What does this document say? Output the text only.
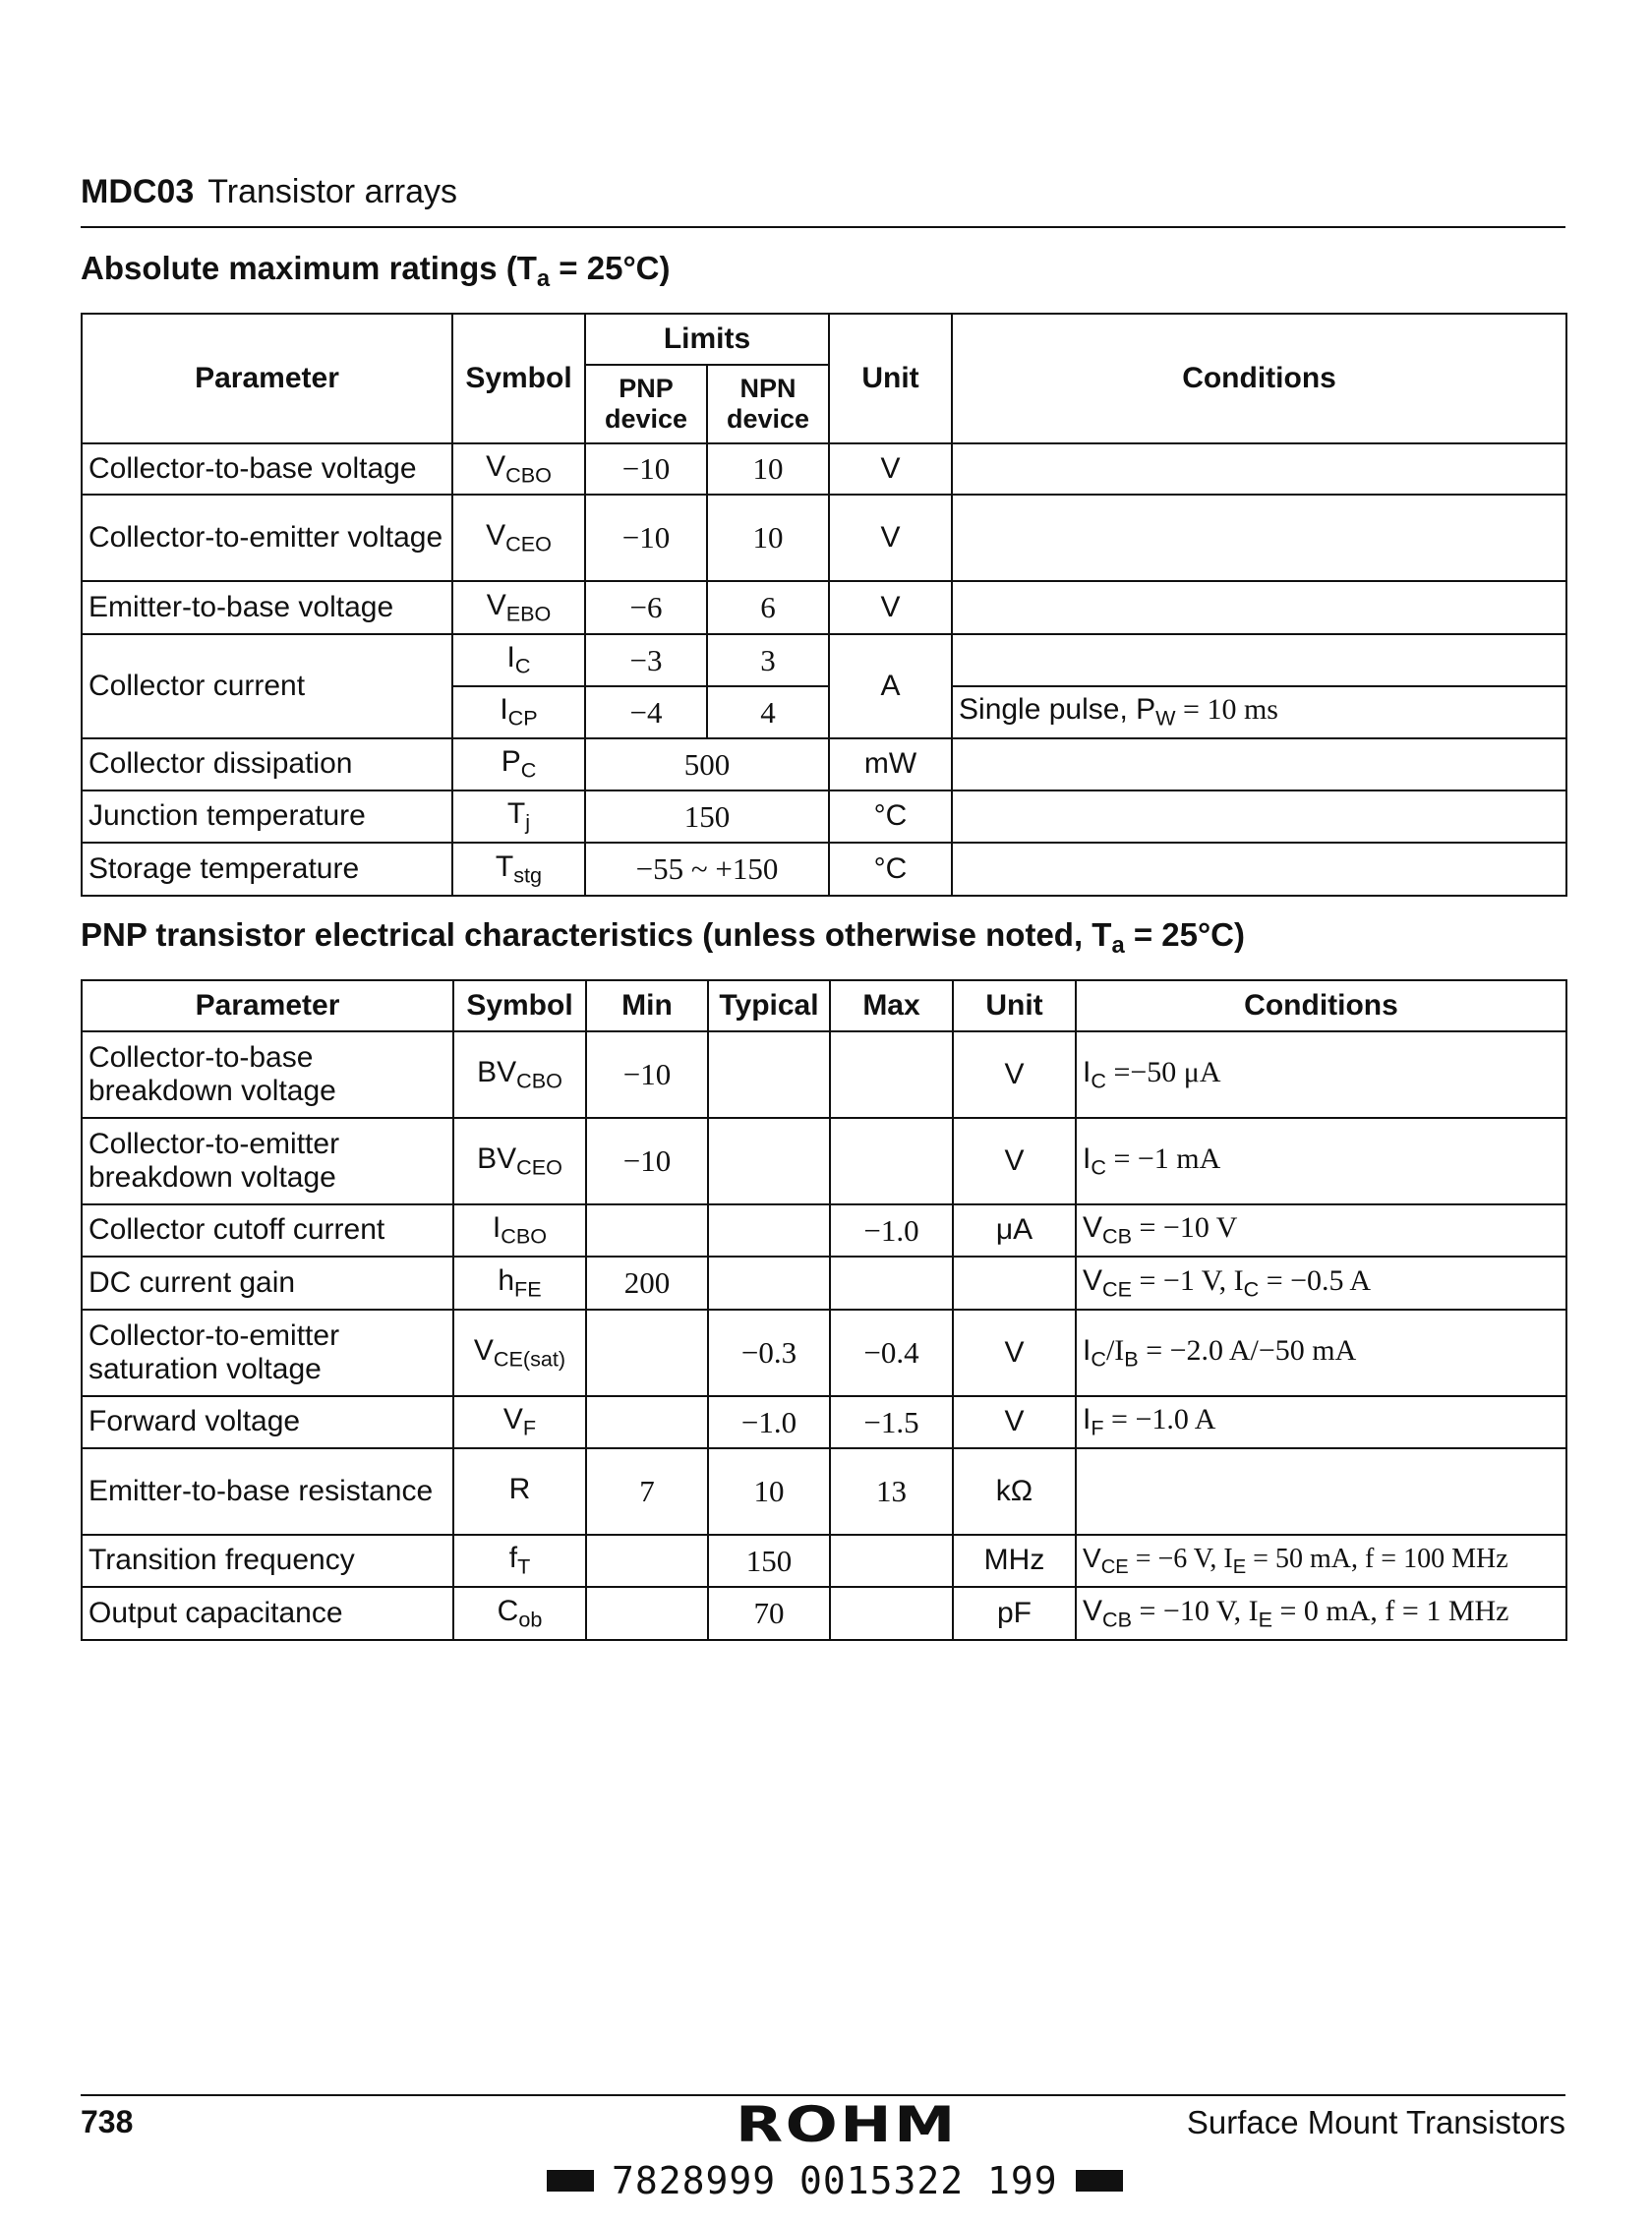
MDC03 Transistor arrays
Absolute maximum ratings $(T_a = 25^\circ C)$
Parameter	Symbol	Limits		Unit	Conditions
		PNP device	NPN device		
Collector-to-base voltage	$V_{CBO}$	−10	10	V	
Collector-to-emitter voltage	$V_{CEO}$	−10	10	V	
Emitter-to-base voltage	$V_{EBO}$	−6	6	V	
Collector current	$I_C$	−3	3	A	
	$I_{CP}$	−4	4		Single pulse, $P_W = 10$ ms
Collector dissipation	$P_C$	500		mW	
Junction temperature	$T_j$	150		°C	
Storage temperature	$T_{stg}$	−55 ~ +150		°C	
PNP transistor electrical characteristics (unless otherwise noted, $T_a = 25^\circ C$)
Parameter	Symbol	Min	Typical	Max	Unit	Conditions
Collector-to-base breakdown voltage	$BV_{CBO}$	−10			V	$I_C =-50$ μA
Collector-to-emitter breakdown voltage	$BV_{CEO}$	−10			V	$I_C = -1$ mA
Collector cutoff current	$I_{CBO}$			−1.0	μA	$V_{CB} = -10$ V
DC current gain	$h_{FE}$	200				$V_{CE} = -1$ V, $I_C = -0.5$ A
Collector-to-emitter saturation voltage	$V_{CE(sat)}$		−0.3	−0.4	V	$I_C/I_B = -2.0$ A/−50 mA
Forward voltage	$V_F$		−1.0	−1.5	V	$I_F = -1.0$ A
Emitter-to-base resistance	R	7	10	13	kΩ	
Transition frequency	$f_T$		150		MHz	$V_{CE} = -6$ V, $I_E = 50$ mA, f = 100 MHz
Output capacitance	$C_{ob}$		70		pF	$V_{CB} = -10$ V, $I_E = 0$ mA, f = 1 MHz
738	ROHM	Surface Mount Transistors
7828999 0015322 199
